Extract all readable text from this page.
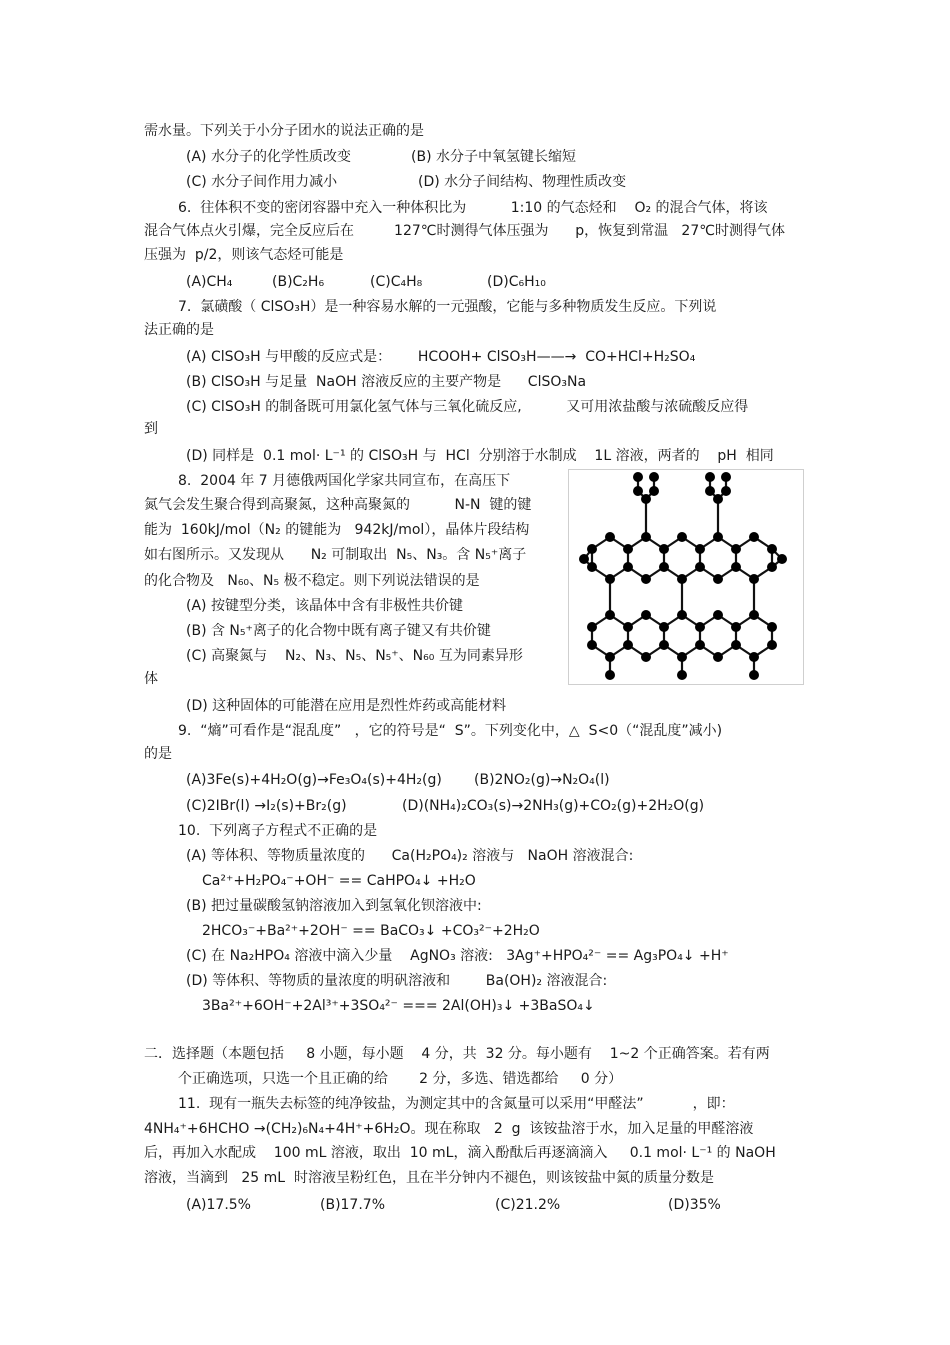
需水量。下列关于小分子团水的说法正确的是
(A) 水分子的化学性质改变	(B) 水分子中氧氢键长缩短
(C) 水分子间作用力减小	(D) 水分子间结构、物理性质改变
6.  往体积不变的密闭容器中充入一种体积比为          1:10 的气态烃和    O₂ 的混合气体，将该
混合气体点火引爆，完全反应后在         127℃时测得气体压强为      p，恢复到常温   27℃时测得气体
压强为  p/2，则该气态烃可能是
(A)CH₄	(B)C₂H₆	(C)C₄H₈	(D)C₆H₁₀
7.  氯磺酸（ ClSO₃H）是一种容易水解的一元强酸，它能与多种物质发生反应。下列说
法正确的是
(A) ClSO₃H 与甲酸的反应式是：      HCOOH+ ClSO₃H——→  CO+HCl+H₂SO₄
(B) ClSO₃H 与足量  NaOH 溶液反应的主要产物是      ClSO₃Na
(C) ClSO₃H 的制备既可用氯化氢气体与三氧化硫反应,          又可用浓盐酸与浓硫酸反应得
到
(D) 同样是  0.1 mol· L⁻¹ 的 ClSO₃H 与  HCl  分别溶于水制成    1L 溶液，两者的    pH  相同
8.  2004 年 7 月德俄两国化学家共同宣布，在高压下
氮气会发生聚合得到高聚氮，这种高聚氮的          N-N  键的键
能为  160kJ/mol（N₂ 的键能为   942kJ/mol），晶体片段结构
如右图所示。又发现从      N₂ 可制取出  N₅、N₃。含 N₅⁺离子
的化合物及   N₆₀、N₅ 极不稳定。则下列说法错误的是
(A) 按键型分类，该晶体中含有非极性共价键
(B) 含 N₅⁺离子的化合物中既有离子键又有共价键
(C) 高聚氮与    N₂、N₃、N₅、N₅⁺、N₆₀ 互为同素异形
体
(D) 这种固体的可能潜在应用是烈性炸药或高能材料
9.  “熵”可看作是“混乱度”   ，它的符号是“  S”。下列变化中，△  S<0（“混乱度”减小)
的是
(A)3Fe(s)+4H₂O(g)→Fe₃O₄(s)+4H₂(g) (B)2NO₂(g)→N₂O₄(l)
(C)2IBr(l) →I₂(s)+Br₂(g)	(D)(NH₄)₂CO₃(s)→2NH₃(g)+CO₂(g)+2H₂O(g)
10.  下列离子方程式不正确的是
(A) 等体积、等物质量浓度的      Ca(H₂PO₄)₂ 溶液与   NaOH 溶液混合:
Ca²⁺+H₂PO₄⁻+OH⁻ == CaHPO₄↓ +H₂O
(B) 把过量碳酸氢钠溶液加入到氢氧化钡溶液中:
2HCO₃⁻+Ba²⁺+2OH⁻ == BaCO₃↓ +CO₃²⁻+2H₂O
(C) 在 Na₂HPO₄ 溶液中滴入少量    AgNO₃ 溶液:   3Ag⁺+HPO₄²⁻ == Ag₃PO₄↓ +H⁺
(D) 等体积、等物质的量浓度的明矾溶液和        Ba(OH)₂ 溶液混合:
3Ba²⁺+6OH⁻+2Al³⁺+3SO₄²⁻ === 2Al(OH)₃↓ +3BaSO₄↓
二．选择题（本题包括     8 小题，每小题    4 分，共  32 分。每小题有    1~2 个正确答案。若有两
个正确选项，只选一个且正确的给       2 分，多选、错选都给     0 分）
11.  现有一瓶失去标签的纯净铵盐，为测定其中的含氮量可以采用“甲醛法”           ，即：
4NH₄⁺+6HCHO →(CH₂)₆N₄+4H⁺+6H₂O。现在称取   2  g  该铵盐溶于水，加入足量的甲醛溶液
后，再加入水配成    100 mL 溶液，取出  10 mL，滴入酚酞后再逐滴滴入     0.1 mol· L⁻¹ 的 NaOH
溶液，当滴到   25 mL  时溶液呈粉红色，且在半分钟内不褪色，则该铵盐中氮的质量分数是
(A)17.5%	(B)17.7%	(C)21.2%	(D)35%
